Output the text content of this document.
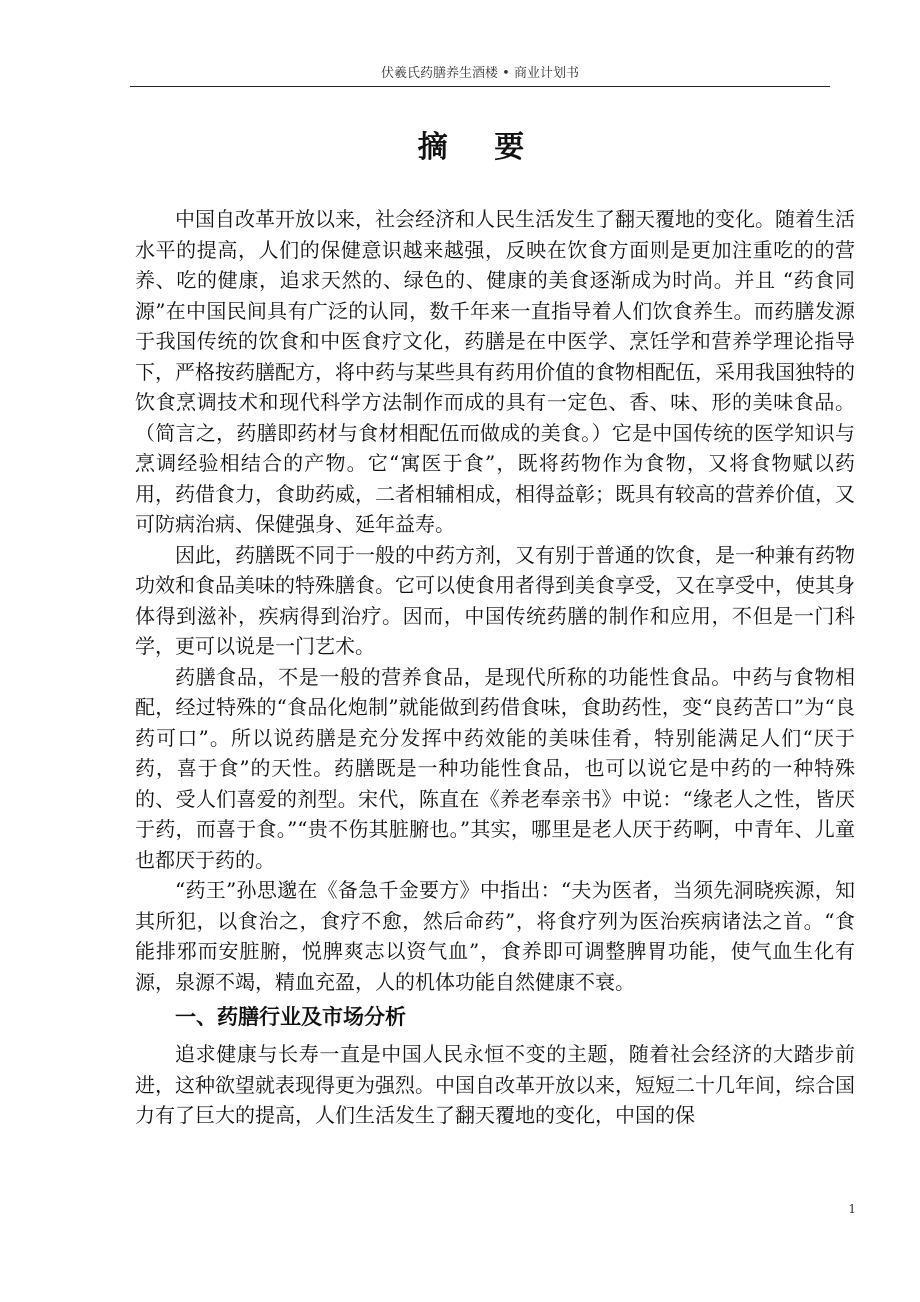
伏羲氏药膳养生酒楼 • 商业计划书
摘 要

中国自改革开放以来，社会经济和人民生活发生了翻天覆地的变化。随着生活水平的提高，人们的保健意识越来越强，反映在饮食方面则是更加注重吃的的营养、吃的健康，追求天然的、绿色的、健康的美食逐渐成为时尚。并且 “药食同源”在中国民间具有广泛的认同，数千年来一直指导着人们饮食养生。而药膳发源于我国传统的饮食和中医食疗文化，药膳是在中医学、烹饪学和营养学理论指导下，严格按药膳配方，将中药与某些具有药用价值的食物相配伍，采用我国独特的饮食烹调技术和现代科学方法制作而成的具有一定色、香、味、形的美味食品。（简言之，药膳即药材与食材相配伍而做成的美食。）它是中国传统的医学知识与烹调经验相结合的产物。它“寓医于食”，既将药物作为食物，又将食物赋以药用，药借食力，食助药威，二者相辅相成，相得益彰；既具有较高的营养价值，又可防病治病、保健强身、延年益寿。

因此，药膳既不同于一般的中药方剂，又有别于普通的饮食，是一种兼有药物功效和食品美味的特殊膳食。它可以使食用者得到美食享受，又在享受中，使其身体得到滋补，疾病得到治疗。因而，中国传统药膳的制作和应用，不但是一门科学，更可以说是一门艺术。

药膳食品，不是一般的营养食品，是现代所称的功能性食品。中药与食物相配，经过特殊的“食品化炮制”就能做到药借食味，食助药性，变“良药苦口”为“良药可口”。所以说药膳是充分发挥中药效能的美味佳肴，特别能满足人们“厌于药，喜于食”的天性。药膳既是一种功能性食品，也可以说它是中药的一种特殊的、受人们喜爱的剂型。宋代，陈直在《养老奉亲书》中说：“缘老人之性，皆厌于药，而喜于食。”“贵不伤其脏腑也。”其实，哪里是老人厌于药啊，中青年、儿童也都厌于药的。

“药王”孙思邈在《备急千金要方》中指出：“夫为医者，当须先洞晓疾源，知其所犯，以食治之，食疗不愈，然后命药”，将食疗列为医治疾病诸法之首。“食能排邪而安脏腑，悦脾爽志以资气血”，食养即可调整脾胃功能，使气血生化有源，泉源不竭，精血充盈，人的机体功能自然健康不衰。

一、药膳行业及市场分析

追求健康与长寿一直是中国人民永恒不变的主题，随着社会经济的大踏步前进，这种欲望就表现得更为强烈。中国自改革开放以来，短短二十几年间，综合国力有了巨大的提高，人们生活发生了翻天覆地的变化，中国的保

1
